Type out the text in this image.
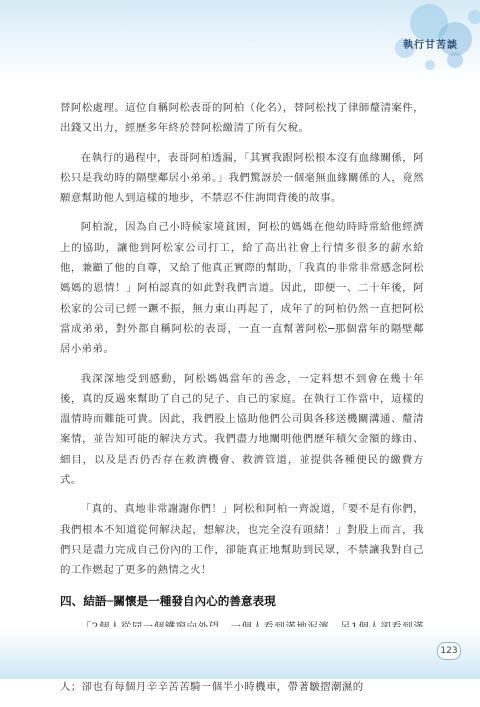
執行甘苦談

替阿松處理。這位自稱阿松表哥的阿柏（化名），替阿松找了律師釐清案件，出錢又出力，經歷多年終於替阿松繳清了所有欠稅。

在執行的過程中，表哥阿柏透漏，「其實我跟阿松根本沒有血緣關係，阿松只是我幼時的隔壁鄰居小弟弟。」我們驚訝於一個毫無血緣關係的人，竟然願意幫助他人到這樣的地步，不禁忍不住詢問背後的故事。

阿柏說，因為自己小時候家境貧困，阿松的媽媽在他幼時時常給他經濟上的協助，讓他到阿松家公司打工，給了高出社會上行情多很多的薪水給他，兼顧了他的自尊，又給了他真正實際的幫助，「我真的非常非常感念阿松媽媽的恩情！」阿柏認真的如此對我們言道。因此，即便一、二十年後，阿松家的公司已經一蹶不振，無力東山再起了，成年了的阿柏仍然一直把阿松當成弟弟，對外都自稱阿松的表哥，一直一直幫著阿松─那個當年的隔壁鄰居小弟弟。

我深深地受到感動，阿松媽媽當年的善念，一定料想不到會在幾十年後，真的反過來幫助了自己的兒子、自己的家庭。在執行工作當中，這樣的溫情時而難能可貴。因此，我們股上協助他們公司與各移送機關溝通、釐清案情，並告知可能的解決方式。我們盡力地闡明他們歷年積欠金額的緣由、細目，以及是否仍否存在救濟機會、救濟管道，並提供各種便民的繳費方式。

「真的、真地非常謝謝你們！」阿松和阿柏一齊說道，「要不是有你們，我們根本不知道從何解決起，想解決，也完全沒有頭緒！」對股上而言，我們只是盡力完成自己份內的工作，卻能真正地幫助到民眾，不禁讓我對自己的工作燃起了更多的熱情之火！

四、結語─關懷是一種發自內心的善意表現

人；卻也有每個月辛辛苦苦騎一個半小時機車，帶著皺摺潮濕的

123
